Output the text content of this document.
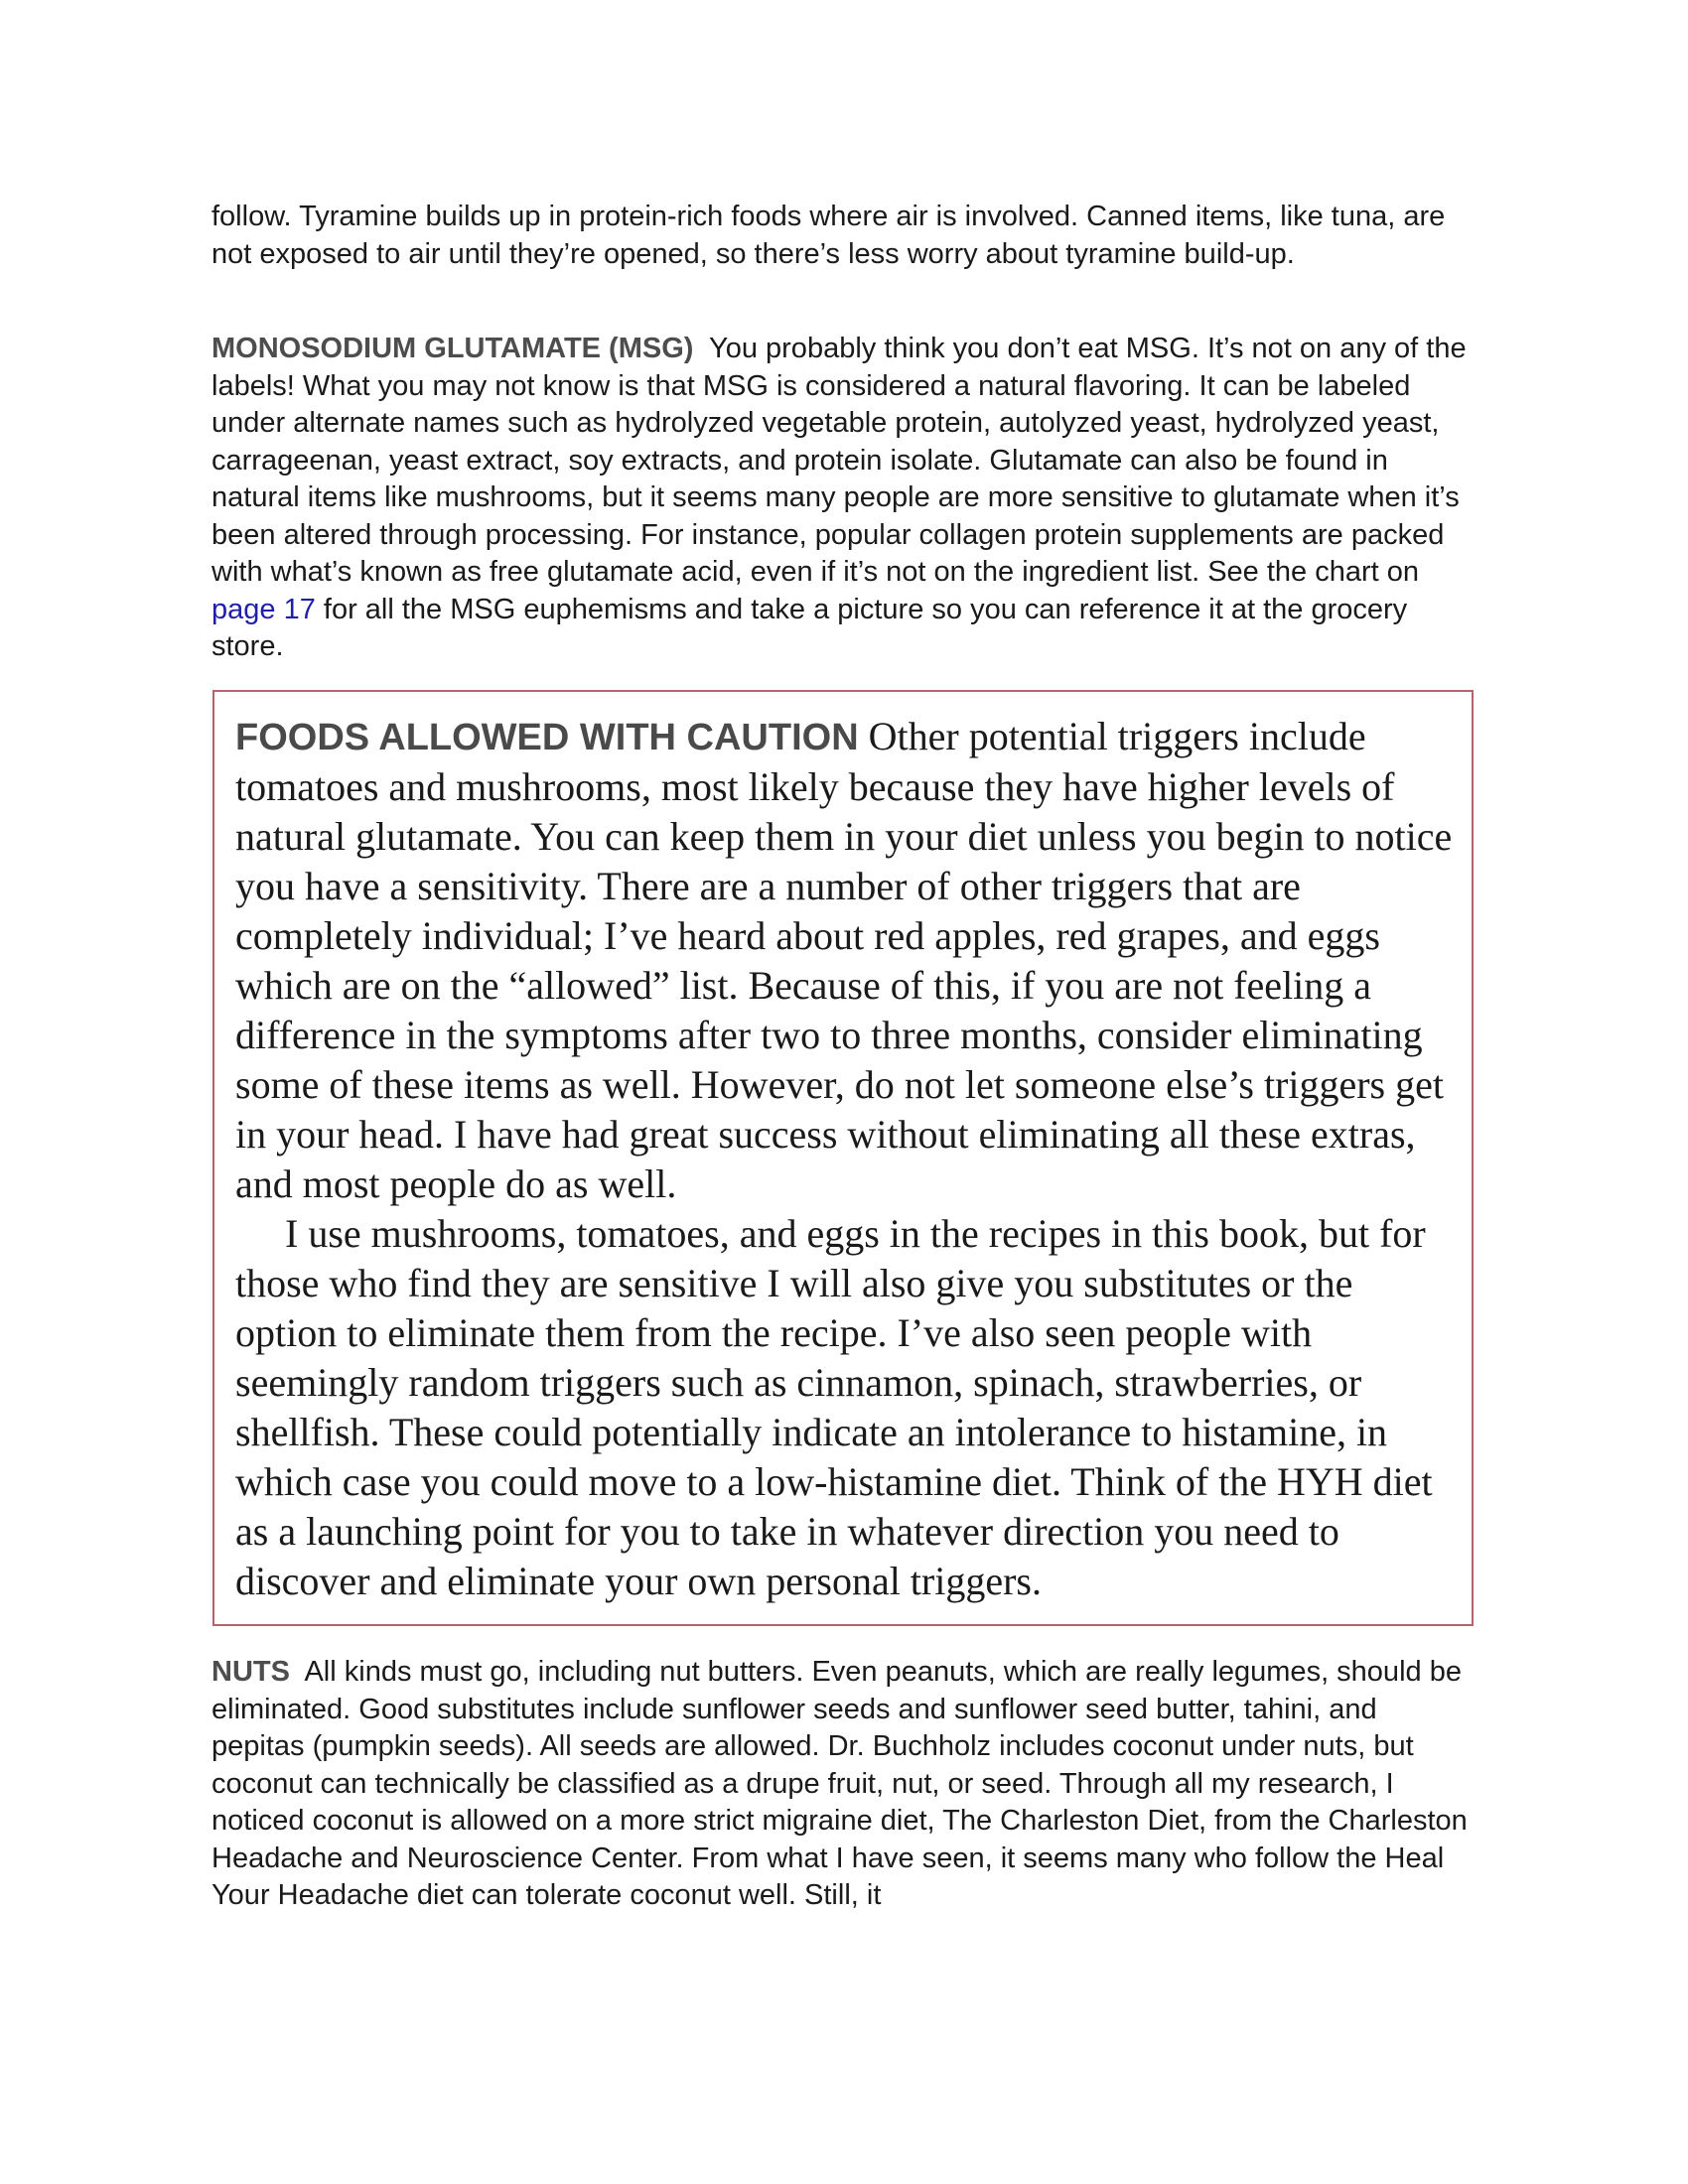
follow. Tyramine builds up in protein-rich foods where air is involved. Canned items, like tuna, are not exposed to air until they’re opened, so there’s less worry about tyramine build-up.

MONOSODIUM GLUTAMATE (MSG) You probably think you don’t eat MSG. It’s not on any of the labels! What you may not know is that MSG is considered a natural flavoring. It can be labeled under alternate names such as hydrolyzed vegetable protein, autolyzed yeast, hydrolyzed yeast, carrageenan, yeast extract, soy extracts, and protein isolate. Glutamate can also be found in natural items like mushrooms, but it seems many people are more sensitive to glutamate when it’s been altered through processing. For instance, popular collagen protein supplements are packed with what’s known as free glutamate acid, even if it’s not on the ingredient list. See the chart on page 17 for all the MSG euphemisms and take a picture so you can reference it at the grocery store.

FOODS ALLOWED WITH CAUTION Other potential triggers include tomatoes and mushrooms, most likely because they have higher levels of natural glutamate. You can keep them in your diet unless you begin to notice you have a sensitivity. There are a number of other triggers that are completely individual; I’ve heard about red apples, red grapes, and eggs which are on the “allowed” list. Because of this, if you are not feeling a difference in the symptoms after two to three months, consider eliminating some of these items as well. However, do not let someone else’s triggers get in your head. I have had great success without eliminating all these extras, and most people do as well.

I use mushrooms, tomatoes, and eggs in the recipes in this book, but for those who find they are sensitive I will also give you substitutes or the option to eliminate them from the recipe. I’ve also seen people with seemingly random triggers such as cinnamon, spinach, strawberries, or shellfish. These could potentially indicate an intolerance to histamine, in which case you could move to a low-histamine diet. Think of the HYH diet as a launching point for you to take in whatever direction you need to discover and eliminate your own personal triggers.

NUTS All kinds must go, including nut butters. Even peanuts, which are really legumes, should be eliminated. Good substitutes include sunflower seeds and sunflower seed butter, tahini, and pepitas (pumpkin seeds). All seeds are allowed. Dr. Buchholz includes coconut under nuts, but coconut can technically be classified as a drupe fruit, nut, or seed. Through all my research, I noticed coconut is allowed on a more strict migraine diet, The Charleston Diet, from the Charleston Headache and Neuroscience Center. From what I have seen, it seems many who follow the Heal Your Headache diet can tolerate coconut well. Still, it
